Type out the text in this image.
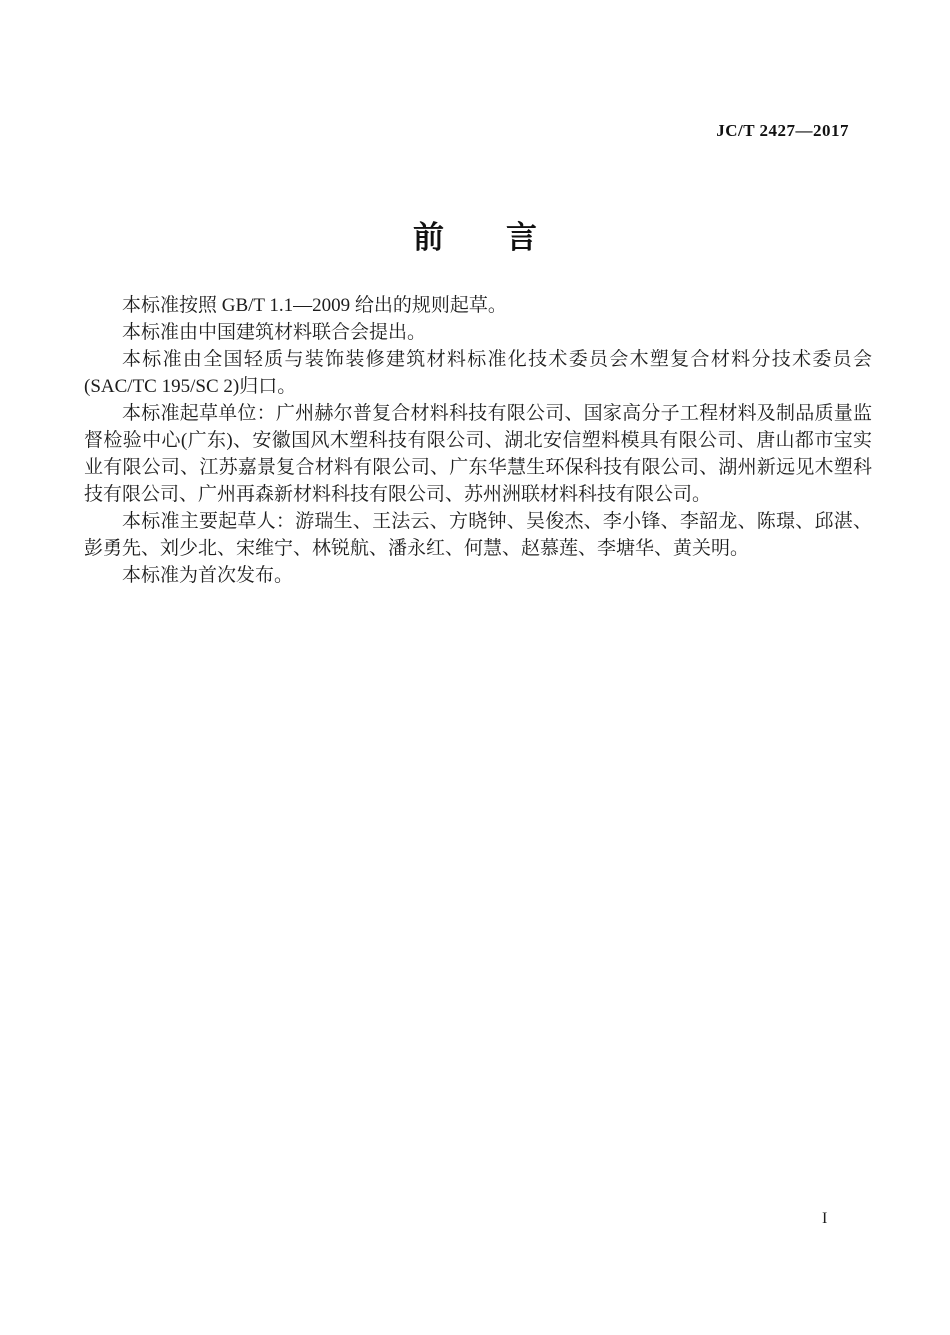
JC/T 2427—2017
前　　言

本标准按照 GB/T 1.1—2009 给出的规则起草。

本标准由中国建筑材料联合会提出。

本标准由全国轻质与装饰装修建筑材料标准化技术委员会木塑复合材料分技术委员会(SAC/TC 195/SC 2)归口。

本标准起草单位：广州赫尔普复合材料科技有限公司、国家高分子工程材料及制品质量监督检验中心(广东)、安徽国风木塑科技有限公司、湖北安信塑料模具有限公司、唐山都市宝实业有限公司、江苏嘉景复合材料有限公司、广东华慧生环保科技有限公司、湖州新远见木塑科技有限公司、广州再森新材料科技有限公司、苏州洲联材料科技有限公司。

本标准主要起草人：游瑞生、王法云、方晓钟、吴俊杰、李小锋、李韶龙、陈璟、邱湛、彭勇先、刘少北、宋维宁、林锐航、潘永红、何慧、赵慕莲、李塘华、黄关明。

本标准为首次发布。

I
